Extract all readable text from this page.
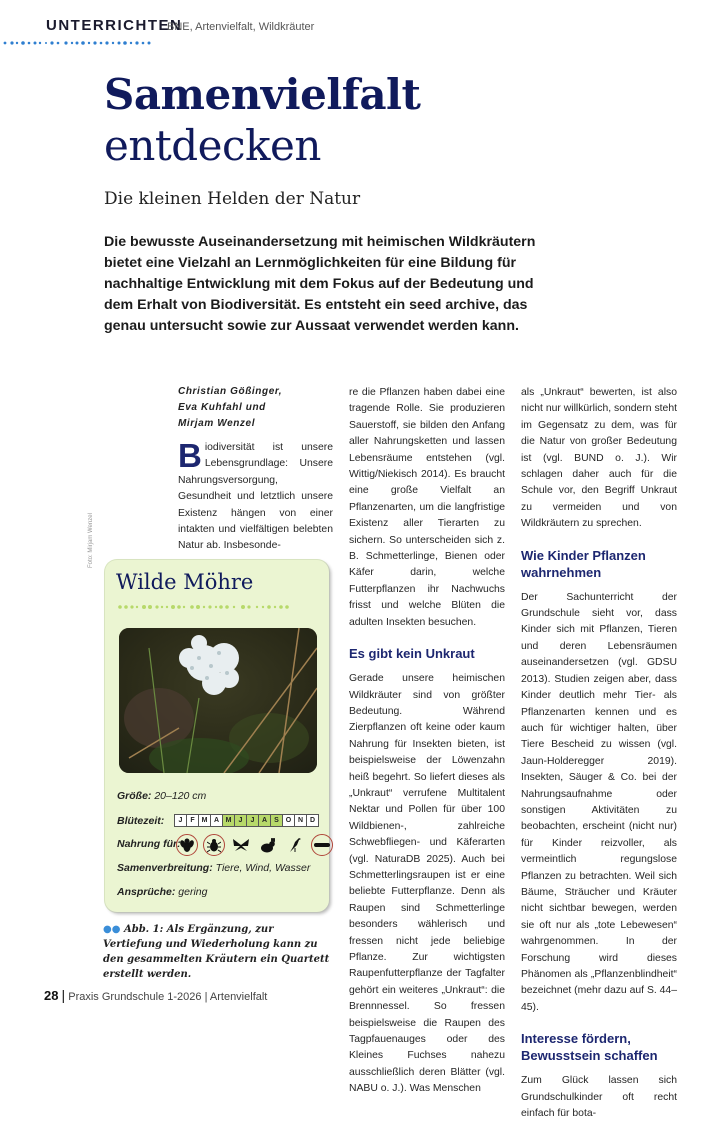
UNTERRICHTEN
BNE, Artenvielfalt, Wildkräuter
Samenvielfalt
entdecken
Die kleinen Helden der Natur
Die bewusste Auseinandersetzung mit heimischen Wildkräutern bietet eine Vielzahl an Lernmöglichkeiten für eine Bildung für nachhaltige Entwicklung mit dem Fokus auf der Bedeutung und dem Erhalt von Biodiversität. Es entsteht ein seed archive, das genau untersucht sowie zur Aussaat verwendet werden kann.
Christian Gößinger,
Eva Kuhfahl und
Mirjam Wenzel

Biodiversität ist unsere Lebensgrundlage: Unsere Nahrungsversorgung, Gesundheit und letztlich unsere Existenz hängen von einer intakten und vielfältigen belebten Natur ab. Insbesonde-

re die Pflanzen haben dabei eine tragende Rolle. Sie produzieren Sauerstoff, sie bilden den Anfang aller Nahrungsketten und lassen Lebensräume entstehen (vgl. Wittig/Niekisch 2014). Es braucht eine große Vielfalt an Pflanzenarten, um die langfristige Existenz aller Tierarten zu sichern. So unterscheiden sich z. B. Schmetterlinge, Bienen oder Käfer darin, welche Futterpflanzen ihr Nachwuchs frisst und welche Blüten die adulten Insekten besuchen.

Es gibt kein Unkraut

Gerade unsere heimischen Wildkräuter sind von größter Bedeutung. Während Zierpflanzen oft keine oder kaum Nahrung für Insekten bieten, ist beispielsweise der Löwenzahn heiß begehrt. So liefert dieses als „Unkraut“ verrufene Multitalent Nektar und Pollen für über 100 Wildbienen-, zahlreiche Schwebfliegen- und Käferarten (vgl. NaturaDB 2025). Auch bei Schmetterlingsraupen ist er eine beliebte Futterpflanze. Denn als Raupen sind Schmetterlinge besonders wählerisch und fressen nicht jede beliebige Pflanze. Zur wichtigsten Raupenfutterpflanze der Tagfalter gehört ein weiteres „Unkraut“: die Brennnessel. So fressen beispielsweise die Raupen des Tagpfauenauges oder des Kleines Fuchses nahezu ausschließlich deren Blätter (vgl. NABU o. J.). Was Menschen

als „Unkraut“ bewerten, ist also nicht nur willkürlich, sondern steht im Gegensatz zu dem, was für die Natur von großer Bedeutung ist (vgl. BUND o. J.). Wir schlagen daher auch für die Schule vor, den Begriff Unkraut zu vermeiden und von Wildkräutern zu sprechen.

Wie Kinder Pflanzen wahrnehmen

Der Sachunterricht der Grundschule sieht vor, dass Kinder sich mit Pflanzen, Tieren und deren Lebensräumen auseinandersetzen (vgl. GDSU 2013). Studien zeigen aber, dass Kinder deutlich mehr Tier- als Pflanzenarten kennen und es auch für wichtiger halten, über Tiere Bescheid zu wissen (vgl. Jaun-Holderegger 2019). Insekten, Säuger & Co. bei der Nahrungsaufnahme oder sonstigen Aktivitäten zu beobachten, erscheint (nicht nur) für Kinder reizvoller, als vermeintlich regungslose Pflanzen zu betrachten. Weil sich Bäume, Sträucher und Kräuter nicht sichtbar bewegen, werden sie oft nur als „tote Lebewesen“ wahrgenommen. In der Forschung wird dieses Phänomen als „Pflanzenblindheit“ bezeichnet (mehr dazu auf S. 44–45).

Interesse fördern, Bewusstsein schaffen

Zum Glück lassen sich Grundschulkinder oft recht einfach für bota-

Foto: Mirjam Wenzel
Wilde Möhre
Größe: 20–120 cm
Blütezeit:	J	F M A M	J	J	A	S O N D
Nahrung für:
Samenverbreitung: Tiere, Wind, Wasser
Ansprüche: gering
●● Abb. 1: Als Ergänzung, zur Vertiefung und Wiederholung kann zu den gesammelten Kräutern ein Quartett erstellt werden.
28 | Praxis Grundschule 1-2026 | Artenvielfalt
